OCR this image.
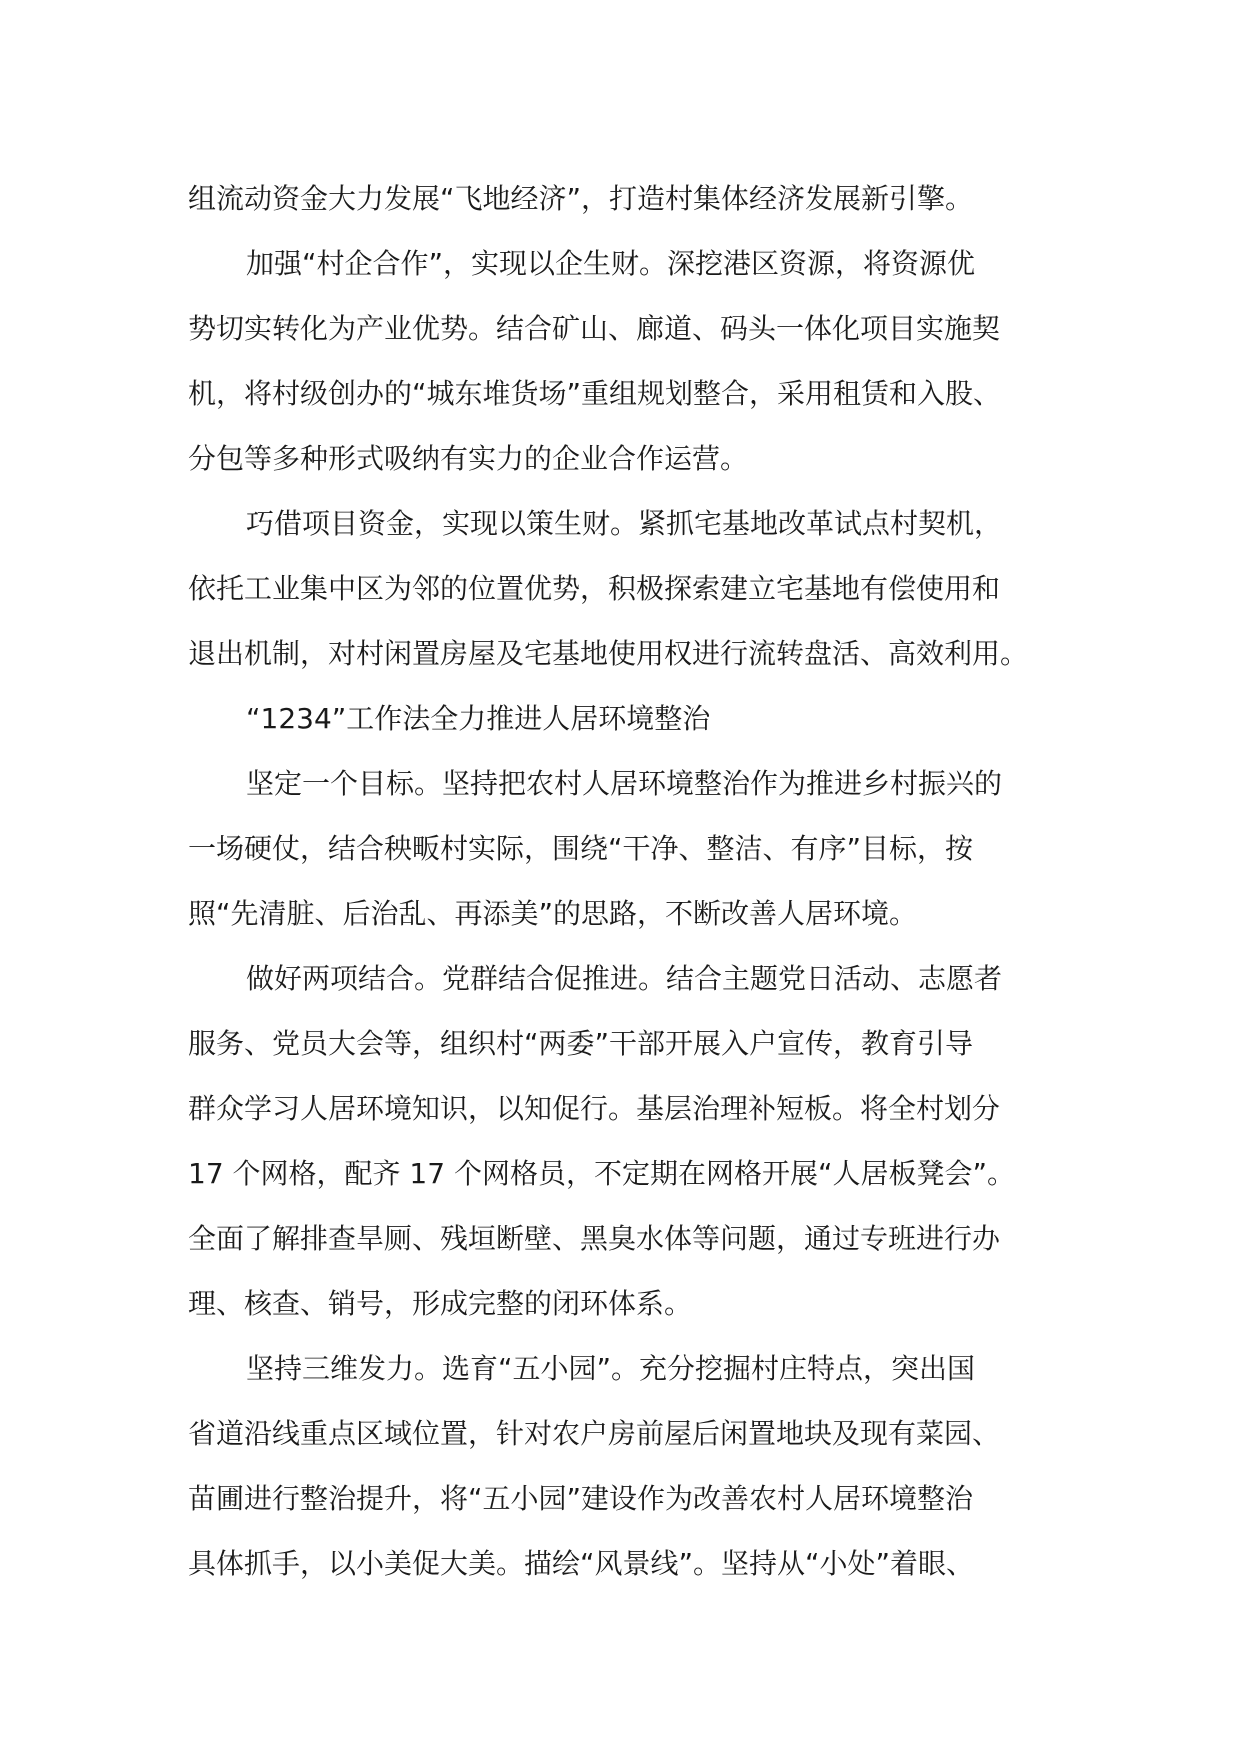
组流动资金大力发展“飞地经济”，打造村集体经济发展新引擎。
加强“村企合作”，实现以企生财。深挖港区资源，将资源优
势切实转化为产业优势。结合矿山、廊道、码头一体化项目实施契
机，将村级创办的“城东堆货场”重组规划整合，采用租赁和入股、
分包等多种形式吸纳有实力的企业合作运营。
巧借项目资金，实现以策生财。紧抓宅基地改革试点村契机，
依托工业集中区为邻的位置优势，积极探索建立宅基地有偿使用和
退出机制，对村闲置房屋及宅基地使用权进行流转盘活、高效利用。
“1234”工作法全力推进人居环境整治
坚定一个目标。坚持把农村人居环境整治作为推进乡村振兴的
一场硬仗，结合秧畈村实际，围绕“干净、整洁、有序”目标，按
照“先清脏、后治乱、再添美”的思路，不断改善人居环境。
做好两项结合。党群结合促推进。结合主题党日活动、志愿者
服务、党员大会等，组织村“两委”干部开展入户宣传，教育引导
群众学习人居环境知识，以知促行。基层治理补短板。将全村划分
17 个网格，配齐 17 个网格员，不定期在网格开展“人居板凳会”。
全面了解排查旱厕、残垣断壁、黑臭水体等问题，通过专班进行办
理、核查、销号，形成完整的闭环体系。
坚持三维发力。选育“五小园”。充分挖掘村庄特点，突出国
省道沿线重点区域位置，针对农户房前屋后闲置地块及现有菜园、
苗圃进行整治提升，将“五小园”建设作为改善农村人居环境整治
具体抓手，以小美促大美。描绘“风景线”。坚持从“小处”着眼、
